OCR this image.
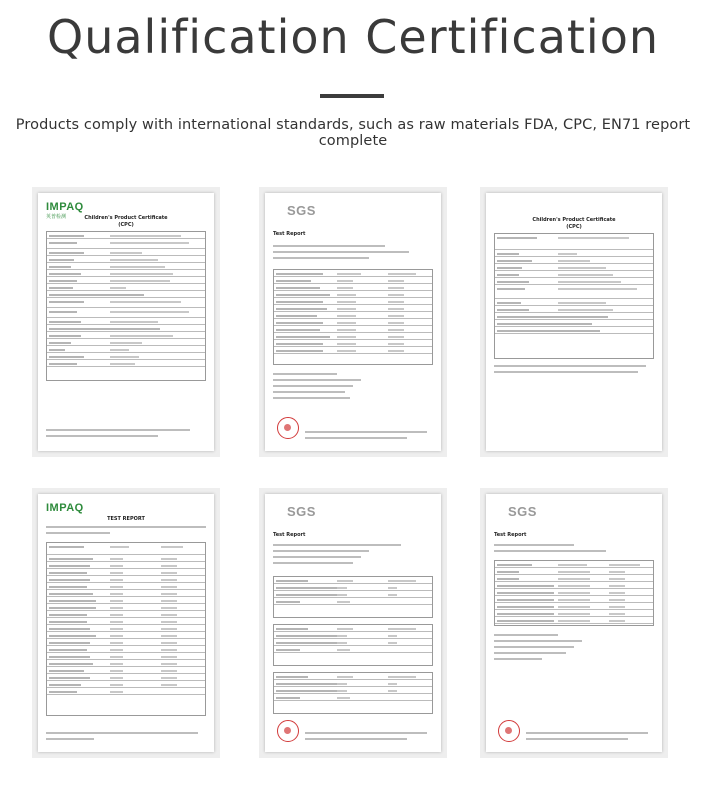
Qualification Certification
Products comply with international standards, such as raw materials FDA, CPC, EN71 report complete
IMPAQ
英普检测	Children's Product Certificate
(CPC)
SGS
Test Report
Children's Product Certificate
(CPC)
IMPAQ
TEST REPORT	SGS
Test Report
SGS
Test Report
